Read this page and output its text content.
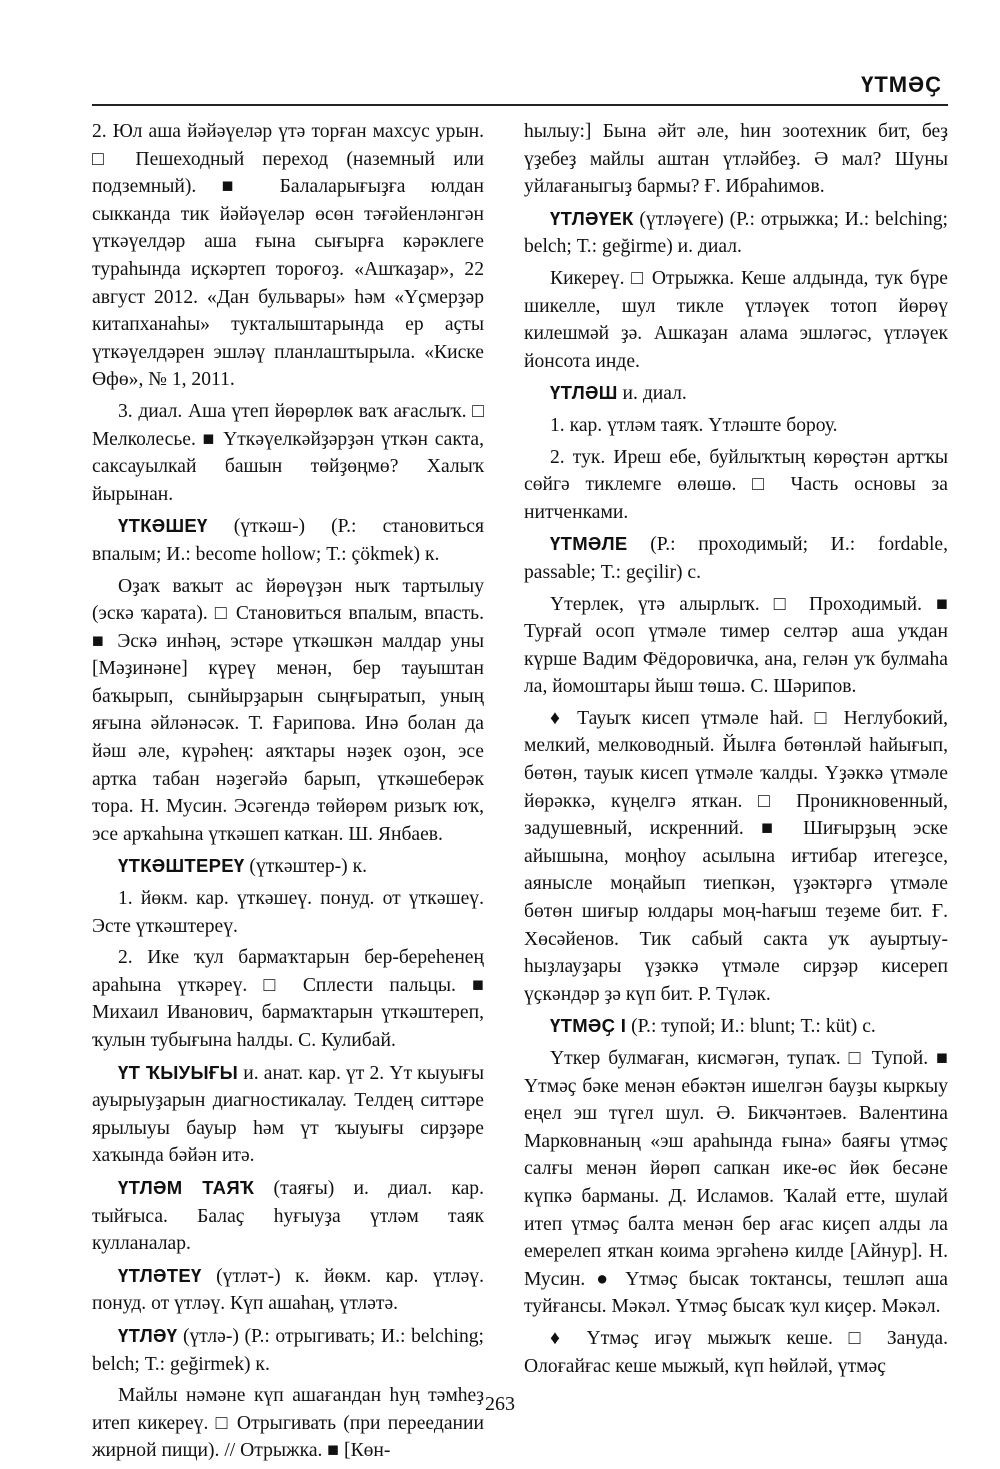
ҮТМӘҪ

2. Юл аша йәйәүеләр үтә торған махсус урын. □ Пешеходный переход (наземный или подземный). ■ Балаларығыҙға юлдан сыкканда тик йәйәүеләр өсөн тәғәйенләнгән үткәүелдәр аша ғына сығырға кәрәклеге тураһында иҫкәртеп тороғоҙ. «Ашҡаҙар», 22 август 2012. «Дан бульвары» һәм «Үҫмерҙәр китапханаһы» тукталыштарында ер аҫты үткәүелдәрен эшләү планлаштырыла. «Киске Өфө», № 1, 2011.

3. диал. Аша үтеп йөрөрлөк ваҡ ағаслыҡ. □ Мелколесье. ■ Үткәүелкәйҙәрҙән үткән сакта, саксауылкай башын төйҙөңмө? Халыҡ йырынан.

ҮТКӘШЕҮ (үткәш-) (Р.: становиться впалым; И.: become hollow; Т.: çökmek) к.

Оҙаҡ ваҡыт ас йөрөүҙән ныҡ тартылыу (эскә ҡарата). □ Становиться впалым, впасть. ■ Эскә инһәң, эстәре үткәшкән малдар уны [Мәҙинәне] күреү менән, бер тауыштан баҡырып, сынйырҙарын сыңғыратып, уның яғына әйләнәсәк. Т. Ғарипова. Инә болан да йәш әле, күрәһең: аяҡтары нәҙек оҙон, эсе артка табан нәҙегәйә барып, үткәшеберәк тора. Н. Мусин. Эсәгендә төйөрөм ризыҡ юҡ, эсе арҡаһына үткәшеп каткан. Ш. Янбаев.

ҮТКӘШТЕРЕҮ (үткәштер-) к.

1. йөкм. кар. үткәшеү. понуд. от үткәшеү. Эсте үткәштереү.

2. Ике ҡул бармаҡтарын бер-береһенең араһына үткәреү. □ Сплести пальцы. ■ Михаил Иванович, бармаҡтарын үткәштереп, ҡулын тубығына һалды. С. Кулибай.

ҮТ ҠЫУЫҒЫ и. анат. кар. үт 2. Үт кыуығы ауырыуҙарын диагностикалау. Телдең ситтәре ярылыуы бауыр һәм үт ҡыуығы сирҙәре хаҡында бәйән итә.

ҮТЛӘМ ТАЯҠ (таяғы) и. диал. кар. тыйғыса. Балаҫ һуғыуҙа үтләм таяк кулланалар.

ҮТЛӘТЕҮ (үтләт-) к. йөкм. кар. үтләү. понуд. от үтләү. Күп ашаһаң, үтләтә.

ҮТЛӘҮ (үтлә-) (Р.: отрыгивать; И.: belching; belch; Т.: geğirmek) к.

Майлы нәмәне күп ашағандан һуң тәмһеҙ итеп кикереү. □ Отрыгивать (при переедании жирной пищи). // Отрыжка. ■ [Көн-

һылыу:] Бына әйт әле, һин зоотехник бит, беҙ үҙебеҙ майлы аштан үтләйбеҙ. Ә мал? Шуны уйлағаныгыҙ бармы? Ғ. Ибраһимов.

ҮТЛӘҮЕК (үтләүеге) (Р.: отрыжка; И.: belching; belch; Т.: geğirme) и. диал.

Кикереү. □ Отрыжка. Кеше алдында, тук бүре шикелле, шул тикле үтләүек тотоп йөрөү килешмәй ҙә. Ашкаҙан алама эшләгәс, үтләүек йонсота инде.

ҮТЛӘШ и. диал.

1. кар. үтләм таяҡ. Үтләште бороу.

2. тук. Иреш ебе, буйлыҡтың көрөҫтән артҡы сөйгә тиклемге өлөшө. □ Часть основы за нитченками.

ҮТМӘЛЕ (Р.: проходимый; И.: fordable, passable; Т.: geçilir) с.

Үтерлек, үтә алырлыҡ. □ Проходимый. ■ Турғай осоп үтмәле тимер селтәр аша уҡдан күрше Вадим Фёдоровичка, ана, гелән уҡ булмаһа ла, йомоштары йыш төшә. С. Шәрипов.

♦ Тауыҡ кисеп үтмәле һай. □ Неглубокий, мелкий, мелководный. Йылға бөтөнләй һайығып, бөтөн, тауык кисеп үтмәле ҡалды. Үҙәккә үтмәле йөрәккә, күңелгә яткан. □ Проникновенный, задушевный, искренний. ■ Шиғырҙың эске айышына, моңһоу асылына иғтибар итегеҙсе, аянысле моңайып тиепкән, үҙәктәргә үтмәле бөтөн шиғыр юлдары моң-һағыш теҙеме бит. Ғ. Хөсәйенов. Тик сабый сакта уҡ ауыртыу-һыҙлауҙары үҙәккә үтмәле сирҙәр кисереп үҫкәндәр ҙә күп бит. Р. Түләк.

ҮТМӘҪ I (Р.: тупой; И.: blunt; Т.: küt) с.

Үткер булмаған, кисмәгән, тупаҡ. □ Тупой. ■ Үтмәҫ бәке менән ебәктән ишелгән бауҙы кыркыу еңел эш түгел шул. Ә. Бикчәнтәев. Валентина Марковнаның «эш араһында ғына» баяғы үтмәҫ салғы менән йөрөп сапкан ике-өс йөк бесәне күпкә барманы. Д. Исламов. Ҡалай етте, шулай итеп үтмәҫ балта менән бер ағас киҫеп алды ла емерелеп яткан коима эргәһенә килде [Айнур]. Н. Мусин. ● Үтмәҫ бысак токтансы, тешләп аша туйғансы. Мәкәл. Үтмәҫ бысаҡ ҡул киҫер. Мәкәл.

♦ Үтмәҫ игәү мыжыҡ кеше. □ Зануда. Олоғайғас кеше мыжый, күп һөйләй, үтмәҫ

263
